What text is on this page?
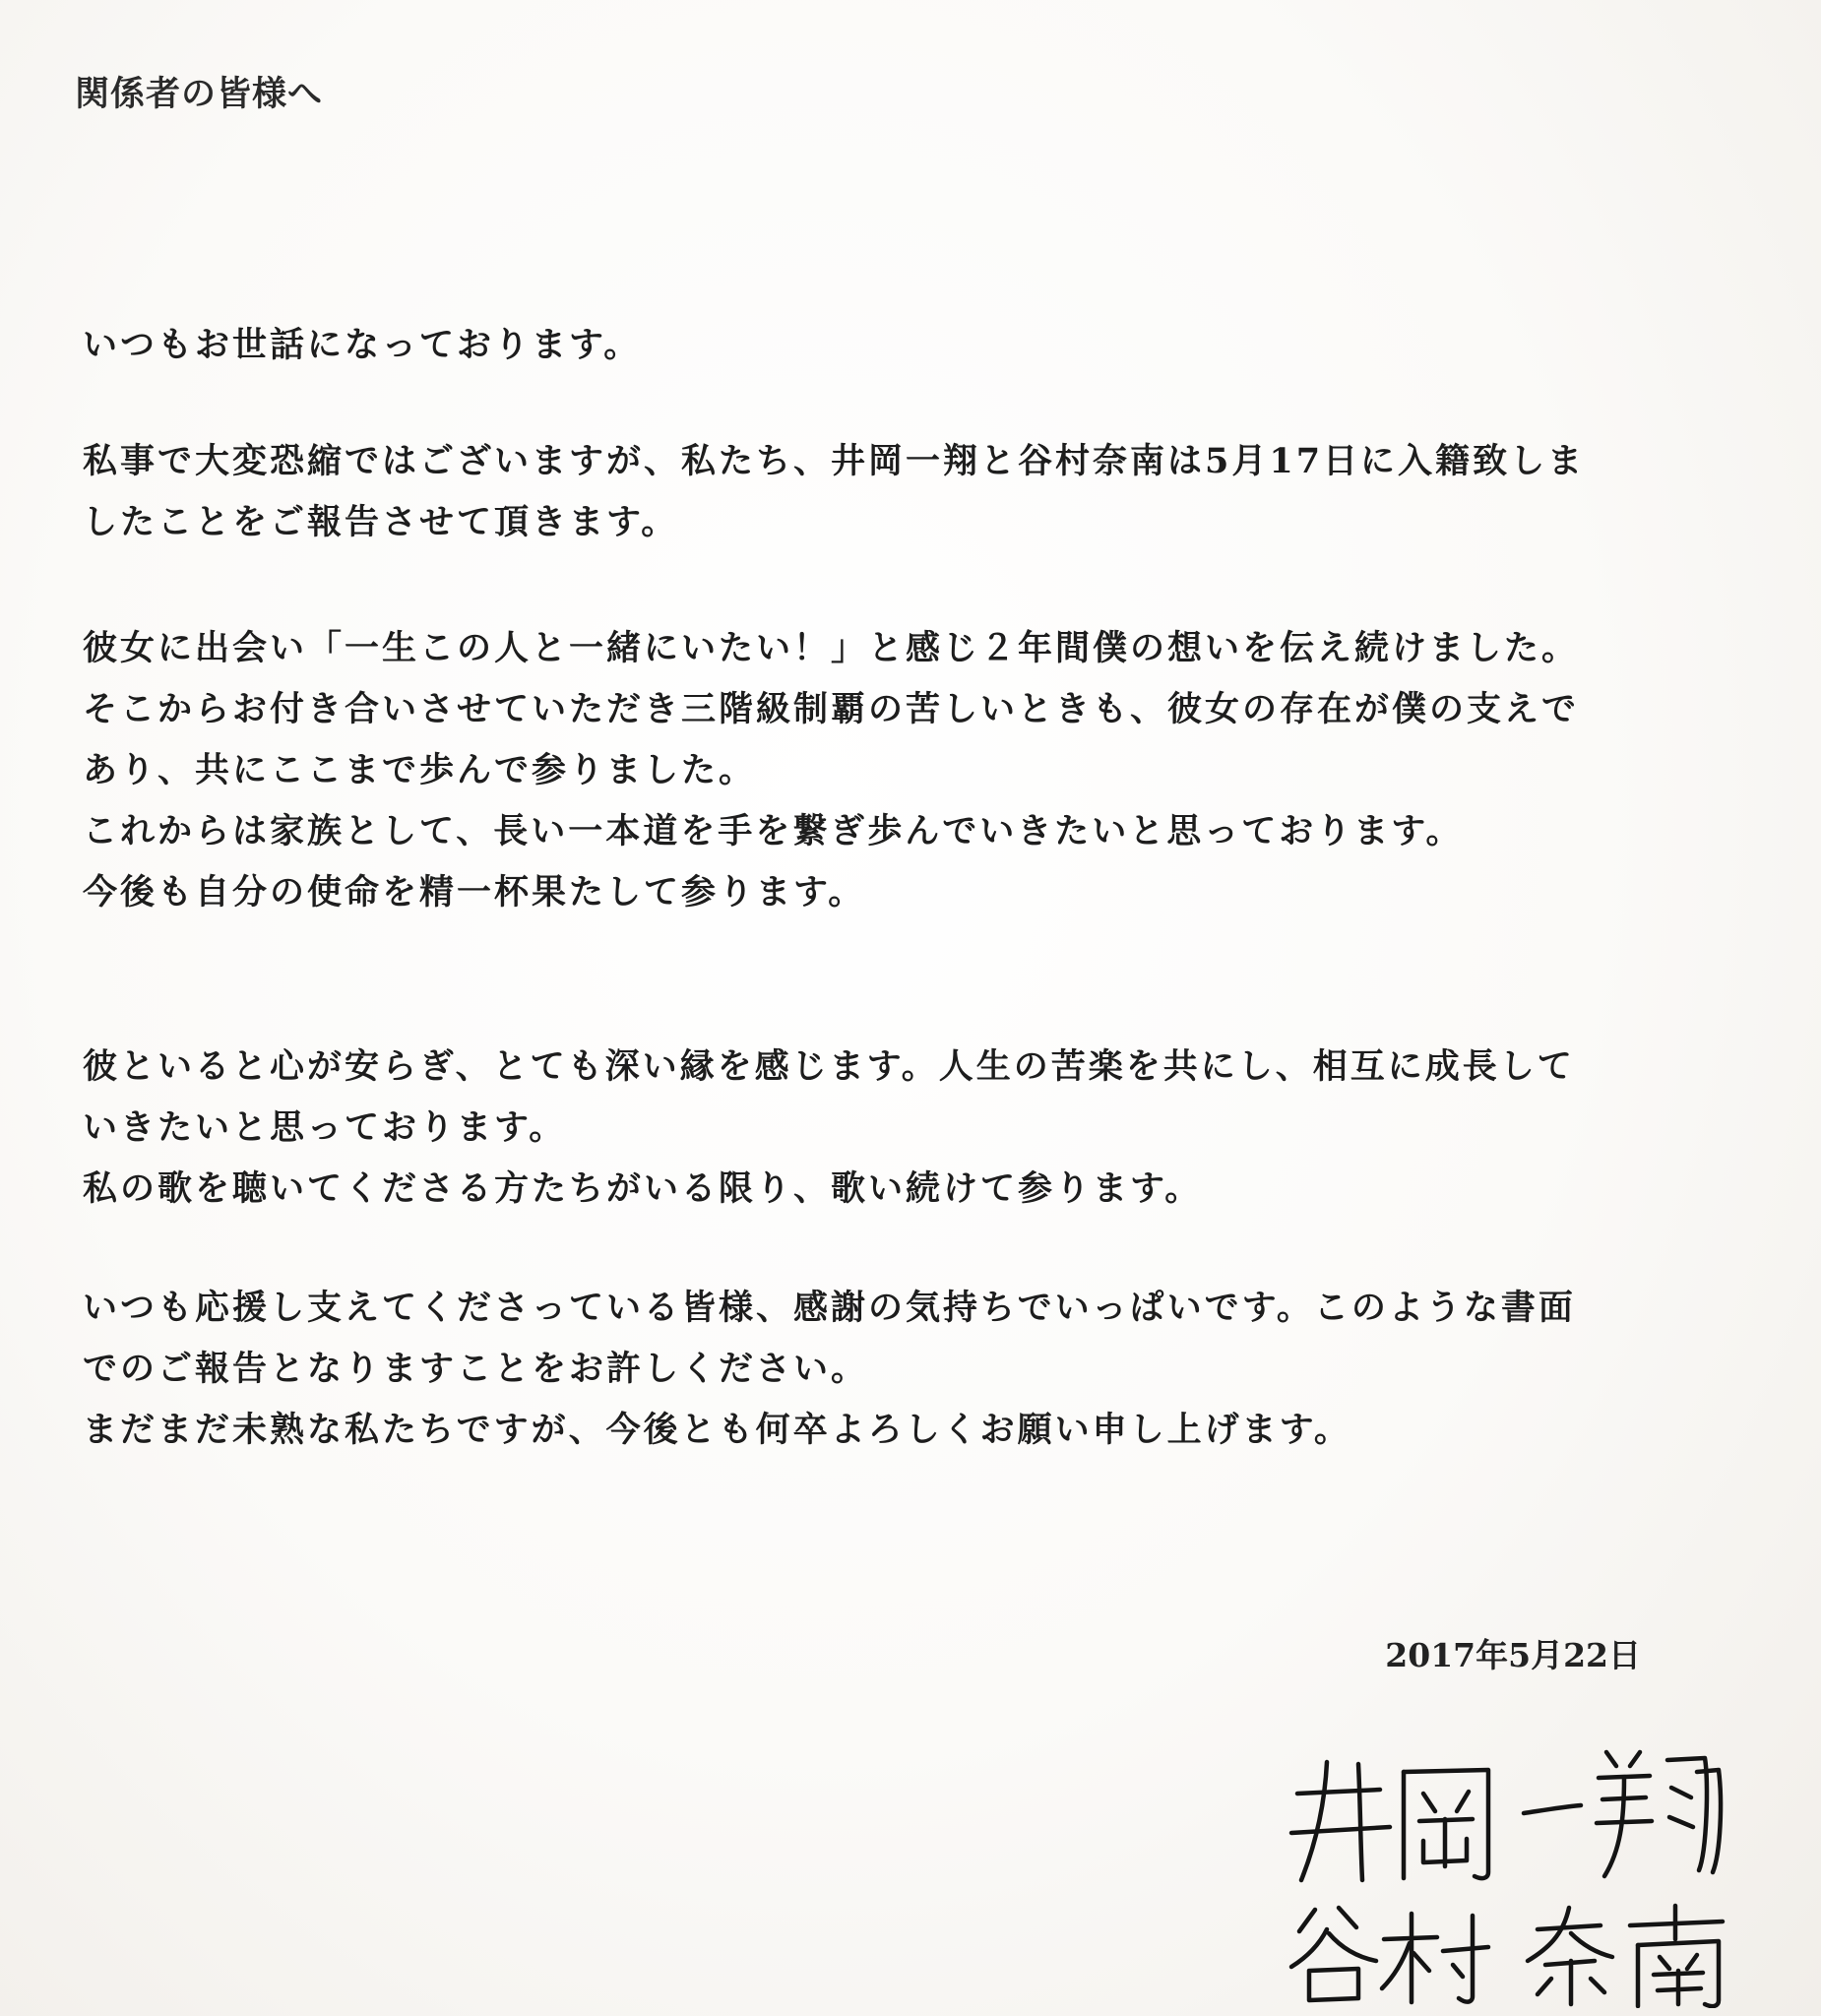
関係者の皆様へ
いつもお世話になっております。
私事で大変恐縮ではございますが、私たち、井岡一翔と谷村奈南は5月17日に入籍致しま
したことをご報告させて頂きます。
彼女に出会い「一生この人と一緒にいたい！」と感じ２年間僕の想いを伝え続けました。
そこからお付き合いさせていただき三階級制覇の苦しいときも、彼女の存在が僕の支えで
あり、共にここまで歩んで参りました。
これからは家族として、長い一本道を手を繋ぎ歩んでいきたいと思っております。
今後も自分の使命を精一杯果たして参ります。
彼といると心が安らぎ、とても深い縁を感じます。人生の苦楽を共にし、相互に成長して
いきたいと思っております。
私の歌を聴いてくださる方たちがいる限り、歌い続けて参ります。
いつも応援し支えてくださっている皆様、感謝の気持ちでいっぱいです。このような書面
でのご報告となりますことをお許しください。
まだまだ未熟な私たちですが、今後とも何卒よろしくお願い申し上げます。
2017年5月22日
